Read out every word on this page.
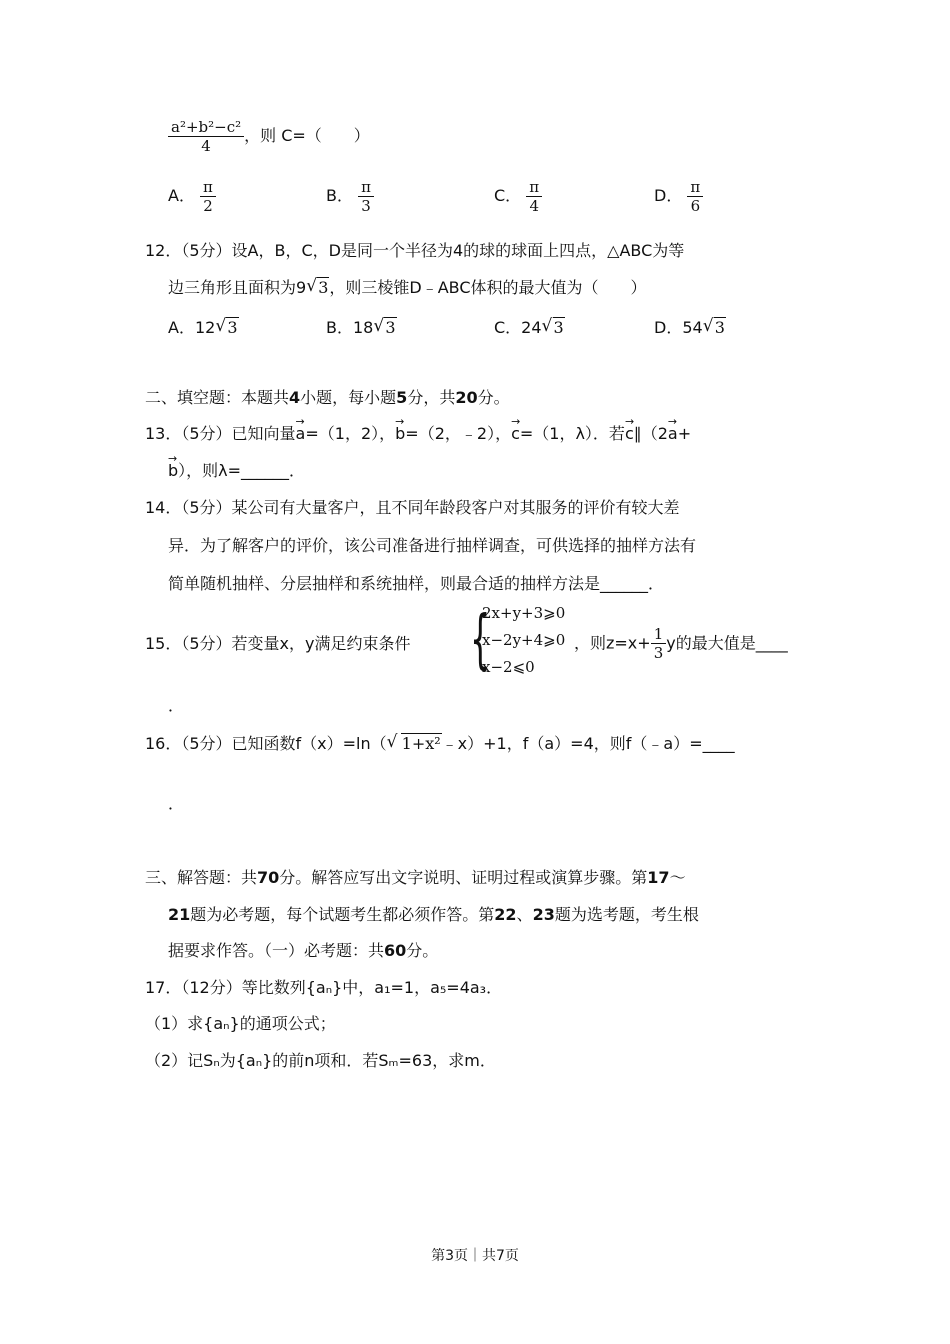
$\frac{\text{a²+b²−c²}}{4}$ ，则 C=（　　）
A． $\frac{\pi}{2}$	B． $\frac{\pi}{3}$	C． $\frac{\pi}{4}$	D． $\frac{\pi}{6}$
12．（5分）设A，B，C，D是同一个半径为4的球的球面上四点，△ABC为等
边三角形且面积为9 √ 3，则三棱锥D﹣ABC体积的最大值为（　　）
A．12 √ 3	B．18 √ 3	C．24 √ 3	D．54 √ 3
二、填空题：本题共4小题，每小题5分，共20分。
13．（5分）已知向量→ a=（1，2），→ b=（2，﹣2），→ c=（1，λ）．若→ c∥（2→ a+
→ b），则λ=______．
14．（5分）某公司有大量客户，且不同年龄段客户对其服务的评价有较大差
异．为了解客户的评价，该公司准备进行抽样调查，可供选择的抽样方法有
简单随机抽样、分层抽样和系统抽样，则最合适的抽样方法是______．
15．（5分）若变量x，y满足约束条件 {
2x+y+3⩾0
x−2y+4⩾0
x−2⩽0
，则$z=x+ \frac{1}{3}$ y的最大值是____
．
16．（5分）已知函数f（x）=ln（ √ 1+x²﹣x）+1，f（a）=4，则f（﹣a）=____
．
三、解答题：共70分。解答应写出文字说明、证明过程或演算步骤。第17～
21题为必考题，每个试题考生都必须作答。第22、23题为选考题，考生根
据要求作答。（一）必考题：共60分。
17．（12分）等比数列{aₙ}中，a₁=1，a₅=4a₃．
（1）求{aₙ}的通项公式；
（2）记Sₙ为{aₙ}的前n项和．若Sₘ=63，求m．
第3页｜共7页
